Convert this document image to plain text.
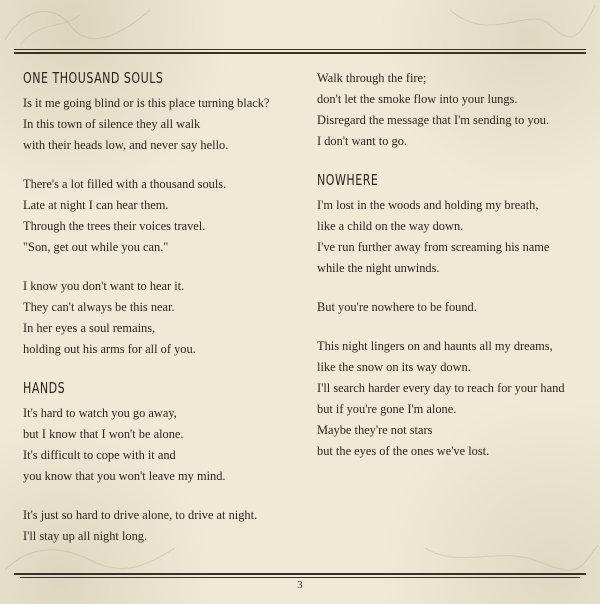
ONE THOUSAND SOULS
Is it me going blind or is this place turning black?
In this town of silence they all walk
with their heads low, and never say hello.
There's a lot filled with a thousand souls.
Late at night I can hear them.
Through the trees their voices travel.
"Son, get out while you can."
I know you don't want to hear it.
They can't always be this near.
In her eyes a soul remains,
holding out his arms for all of you.
HANDS
It's hard to watch you go away,
but I know that I won't be alone.
It's difficult to cope with it and
you know that you won't leave my mind.
It's just so hard to drive alone, to drive at night.
I'll stay up all night long.
Walk through the fire;
don't let the smoke flow into your lungs.
Disregard the message that I'm sending to you.
I don't want to go.
NOWHERE
I'm lost in the woods and holding my breath,
like a child on the way down.
I've run further away from screaming his name
while the night unwinds.
But you're nowhere to be found.
This night lingers on and haunts all my dreams,
like the snow on its way down.
I'll search harder every day to reach for your hand
but if you're gone I'm alone.
Maybe they're not stars
but the eyes of the ones we've lost.
3
